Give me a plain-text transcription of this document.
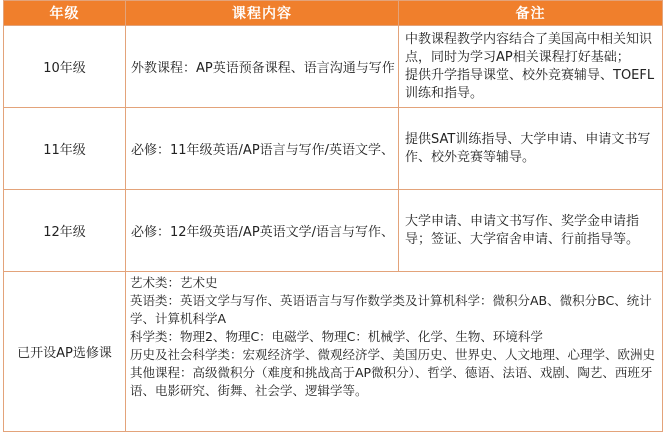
年级	课程内容	备注
10年级	外教课程：AP英语预备课程、语言沟通与写作	中教课程教学内容结合了美国高中相关知识点，同时为学习AP相关课程打好基础；

提供升学指导课堂、校外竞赛辅导、TOEFL训练和指导。

11年级	必修：11年级英语/AP语言与写作/英语文学、	提供SAT训练指导、大学申请、申请文书写作、校外竞赛等辅导。

12年级	必修：12年级英语/AP英语文学/语言与写作、	大学申请、申请文书写作、奖学金申请指导；签证、大学宿舍申请、行前指导等。

已开设AP选修课	艺术类：艺术史

英语类：英语文学与写作、英语语言与写作数学类及计算机科学：微积分AB、微积分BC、统计学、计算机科学A

科学类：物理2、物理C：电磁学、物理C：机械学、化学、生物、环境科学

历史及社会科学类：宏观经济学、微观经济学、美国历史、世界史、人文地理、心理学、欧洲史

其他课程：高级微积分（难度和挑战高于AP微积分）、哲学、德语、法语、戏剧、陶艺、西班牙语、电影研究、街舞、社会学、逻辑学等。	
